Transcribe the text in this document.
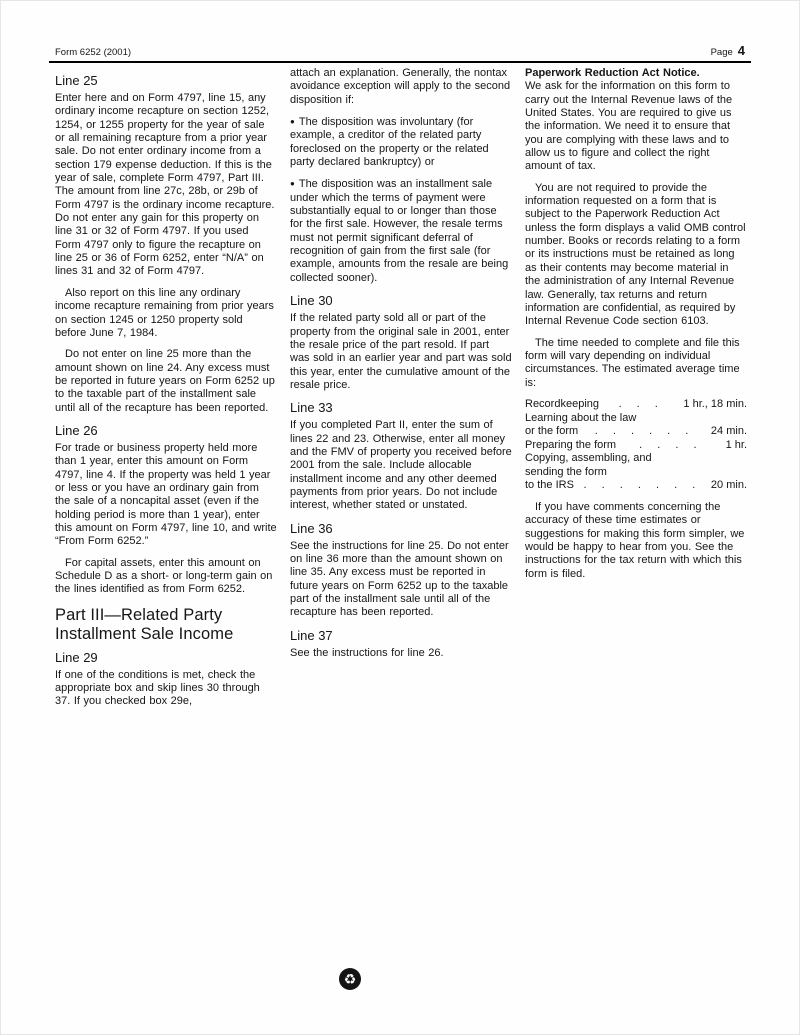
Form 6252 (2001)	Page 4
Line 25

Enter here and on Form 4797, line 15, any ordinary income recapture on section 1252, 1254, or 1255 property for the year of sale or all remaining recapture from a prior year sale. Do not enter ordinary income from a section 179 expense deduction. If this is the year of sale, complete Form 4797, Part III. The amount from line 27c, 28b, or 29b of Form 4797 is the ordinary income recapture. Do not enter any gain for this property on line 31 or 32 of Form 4797. If you used Form 4797 only to figure the recapture on line 25 or 36 of Form 6252, enter “N/A” on lines 31 and 32 of Form 4797.

Also report on this line any ordinary income recapture remaining from prior years on section 1245 or 1250 property sold before June 7, 1984.

Do not enter on line 25 more than the amount shown on line 24. Any excess must be reported in future years on Form 6252 up to the taxable part of the installment sale until all of the recapture has been reported.

Line 26

For trade or business property held more than 1 year, enter this amount on Form 4797, line 4. If the property was held 1 year or less or you have an ordinary gain from the sale of a noncapital asset (even if the holding period is more than 1 year), enter this amount on Form 4797, line 10, and write “From Form 6252.”

For capital assets, enter this amount on Schedule D as a short- or long-term gain on the lines identified as from Form 6252.

Part III—Related Party Installment Sale Income
Line 29

If one of the conditions is met, check the appropriate box and skip lines 30 through 37. If you checked box 29e,

attach an explanation. Generally, the nontax avoidance exception will apply to the second disposition if:

● The disposition was involuntary (for example, a creditor of the related party foreclosed on the property or the related party declared bankruptcy) or

● The disposition was an installment sale under which the terms of payment were substantially equal to or longer than those for the first sale. However, the resale terms must not permit significant deferral of recognition of gain from the first sale (for example, amounts from the resale are being collected sooner).

Line 30

If the related party sold all or part of the property from the original sale in 2001, enter the resale price of the part resold. If part was sold in an earlier year and part was sold this year, enter the cumulative amount of the resale price.

Line 33

If you completed Part II, enter the sum of lines 22 and 23. Otherwise, enter all money and the FMV of property you received before 2001 from the sale. Include allocable installment income and any other deemed payments from prior years. Do not include interest, whether stated or unstated.

Line 36

See the instructions for line 25. Do not enter on line 36 more than the amount shown on line 35. Any excess must be reported in future years on Form 6252 up to the taxable part of the installment sale until all of the recapture has been reported.

Line 37

See the instructions for line 26.

Paperwork Reduction Act Notice.
We ask for the information on this form to carry out the Internal Revenue laws of the United States. You are required to give us the information. We need it to ensure that you are complying with these laws and to allow us to figure and collect the right amount of tax.

You are not required to provide the information requested on a form that is subject to the Paperwork Reduction Act unless the form displays a valid OMB control number. Books or records relating to a form or its instructions must be retained as long as their contents may become material in the administration of any Internal Revenue law. Generally, tax returns and return information are confidential, as required by Internal Revenue Code section 6103.

The time needed to complete and file this form will vary depending on individual circumstances. The estimated average time is:

Recordkeeping	. . .	1 hr., 18 min.
Learning about the law
or the form	. . . . . .	24 min.
Preparing the form	. . . .	1 hr.
Copying, assembling, and
sending the form
to the IRS . . . . . . . 20 min.

If you have comments concerning the accuracy of these time estimates or suggestions for making this form simpler, we would be happy to hear from you. See the instructions for the tax return with which this form is filed.

♻
